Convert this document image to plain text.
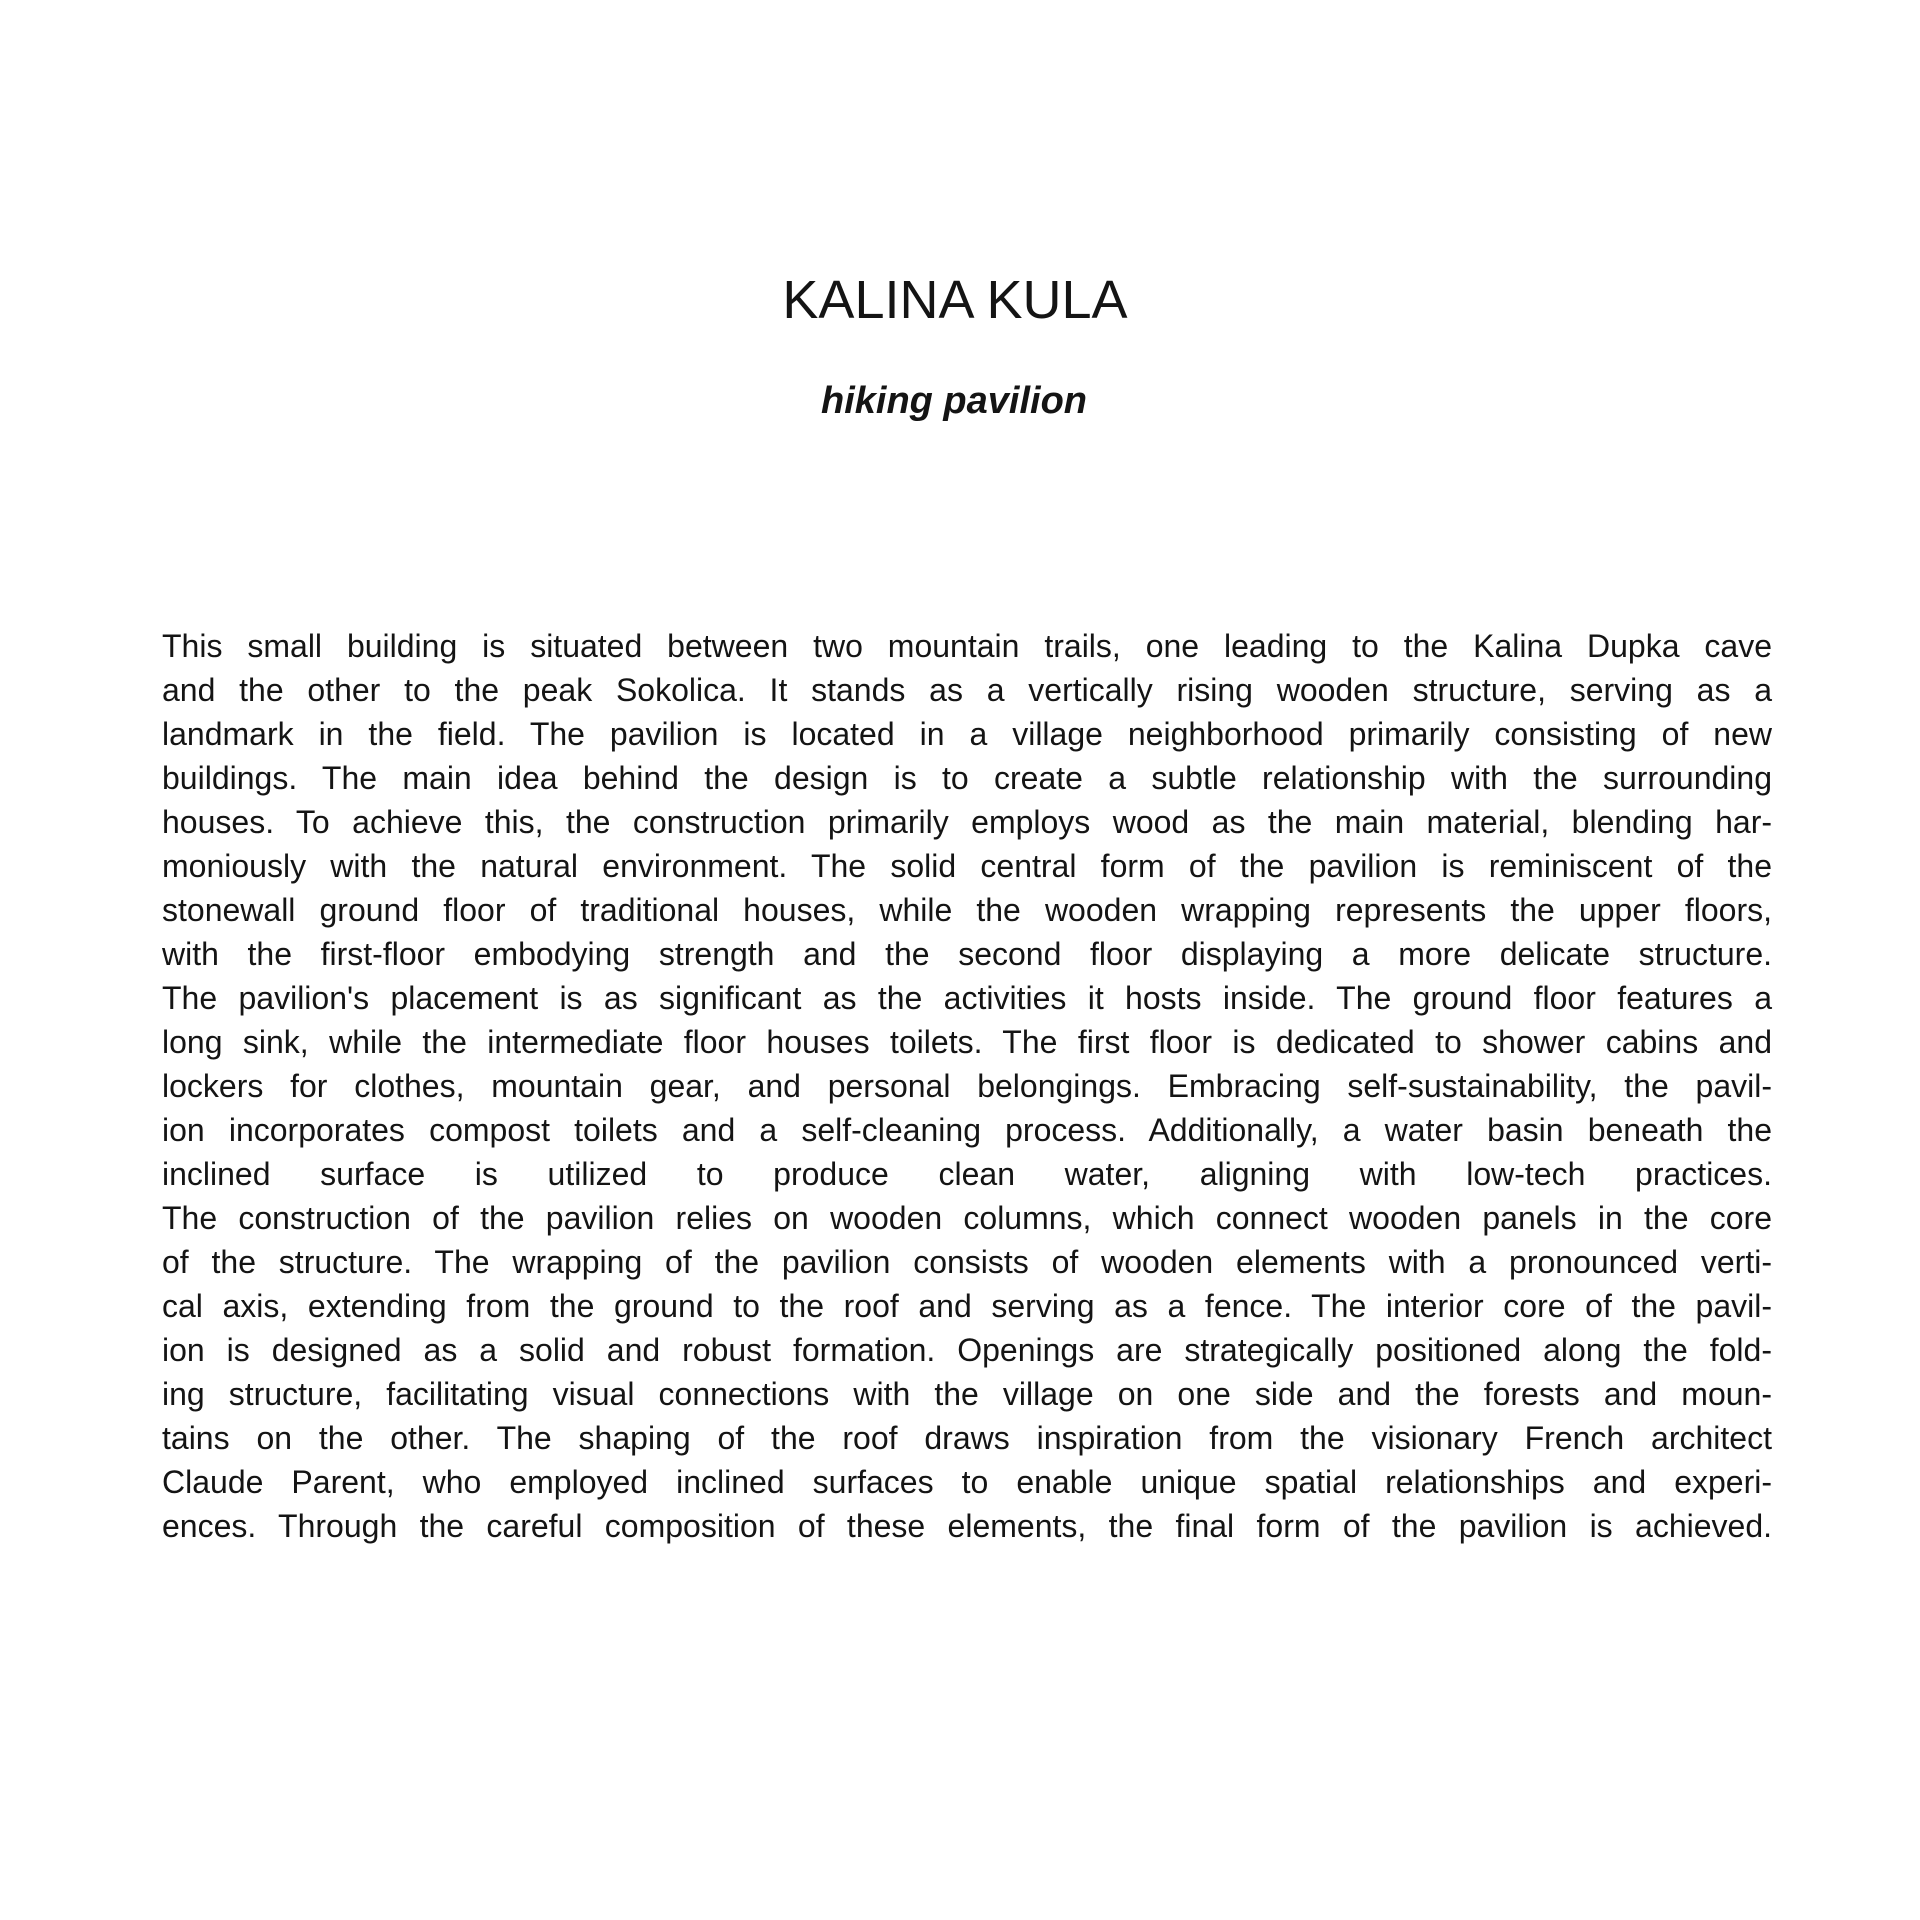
KALINA KULA
hiking pavilion
This small building is situated between two mountain trails, one leading to the Kalina Dupka cave
and the other to the peak Sokolica. It stands as a vertically rising wooden structure, serving as a
landmark in the field. The pavilion is located in a village neighborhood primarily consisting of new
buildings. The main idea behind the design is to create a subtle relationship with the surrounding
houses. To achieve this, the construction primarily employs wood as the main material, blending har-
moniously with the natural environment. The solid central form of the pavilion is reminiscent of the
stonewall ground floor of traditional houses, while the wooden wrapping represents the upper floors,
with the first-floor embodying strength and the second floor displaying a more delicate structure.
The pavilion's placement is as significant as the activities it hosts inside. The ground floor features a
long sink, while the intermediate floor houses toilets. The first floor is dedicated to shower cabins and
lockers for clothes, mountain gear, and personal belongings. Embracing self-sustainability, the pavil-
ion incorporates compost toilets and a self-cleaning process. Additionally, a water basin beneath the
inclined surface is utilized to produce clean water, aligning with low-tech practices.
The construction of the pavilion relies on wooden columns, which connect wooden panels in the core
of the structure. The wrapping of the pavilion consists of wooden elements with a pronounced verti-
cal axis, extending from the ground to the roof and serving as a fence. The interior core of the pavil-
ion is designed as a solid and robust formation. Openings are strategically positioned along the fold-
ing structure, facilitating visual connections with the village on one side and the forests and moun-
tains on the other. The shaping of the roof draws inspiration from the visionary French architect
Claude Parent, who employed inclined surfaces to enable unique spatial relationships and experi-
ences. Through the careful composition of these elements, the final form of the pavilion is achieved.
